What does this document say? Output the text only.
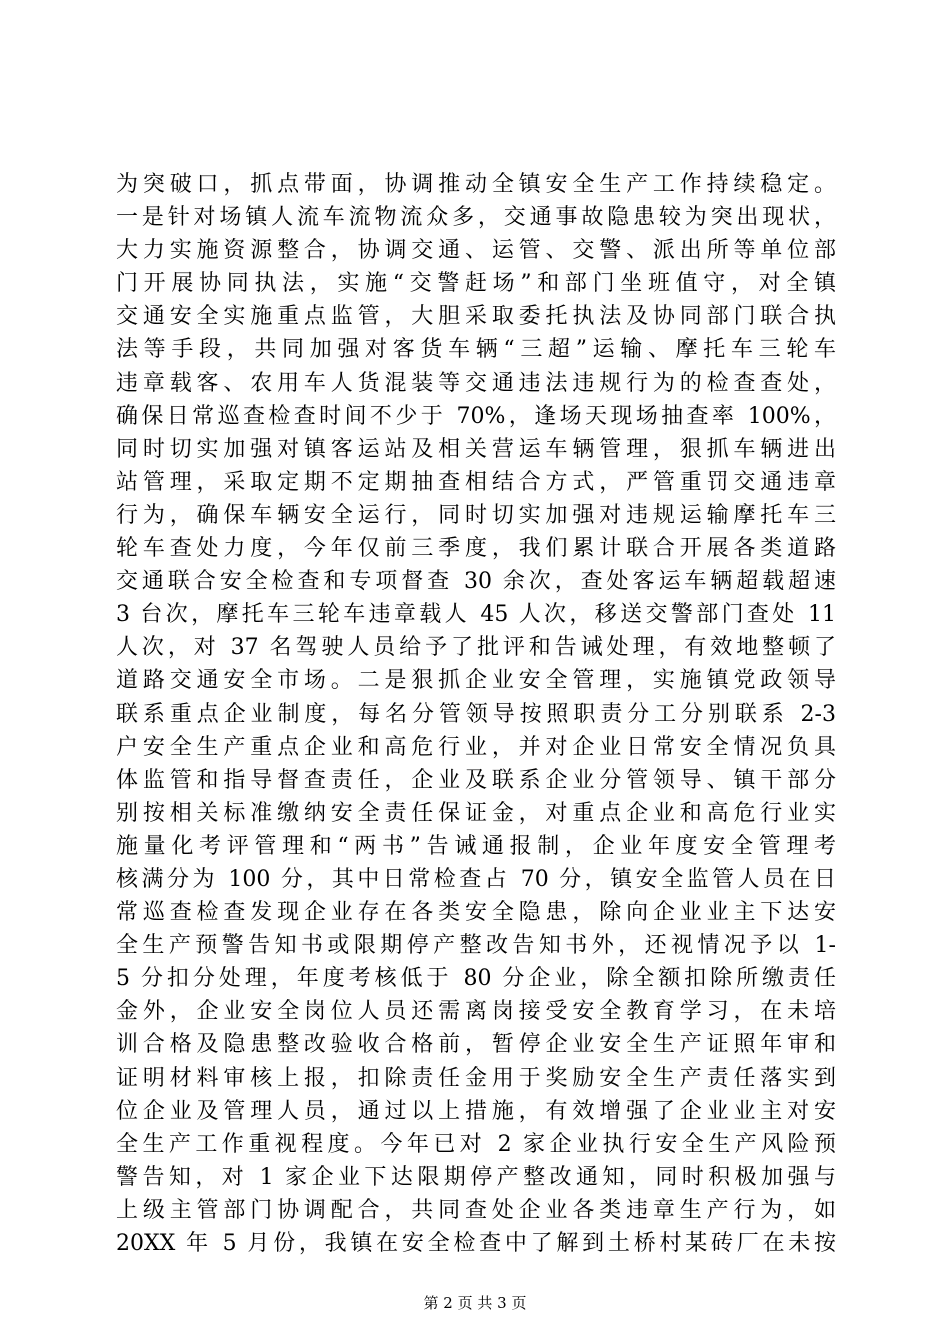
为突破口，抓点带面，协调推动全镇安全生产工作持续稳定。
一是针对场镇人流车流物流众多，交通事故隐患较为突出现状，
大力实施资源整合，协调交通、运管、交警、派出所等单位部
门开展协同执法，实施“交警赶场”和部门坐班值守，对全镇
交通安全实施重点监管，大胆采取委托执法及协同部门联合执
法等手段，共同加强对客货车辆“三超”运输、摩托车三轮车
违章载客、农用车人货混装等交通违法违规行为的检查查处，
确保日常巡查检查时间不少于 70%，逢场天现场抽查率 100%，
同时切实加强对镇客运站及相关营运车辆管理，狠抓车辆进出
站管理，采取定期不定期抽查相结合方式，严管重罚交通违章
行为，确保车辆安全运行，同时切实加强对违规运输摩托车三
轮车查处力度，今年仅前三季度，我们累计联合开展各类道路
交通联合安全检查和专项督查 30 余次，查处客运车辆超载超速
3 台次，摩托车三轮车违章载人 45 人次，移送交警部门查处 11
人次，对 37 名驾驶人员给予了批评和告诫处理，有效地整顿了
道路交通安全市场。二是狠抓企业安全管理，实施镇党政领导
联系重点企业制度，每名分管领导按照职责分工分别联系 2-3
户安全生产重点企业和高危行业，并对企业日常安全情况负具
体监管和指导督查责任，企业及联系企业分管领导、镇干部分
别按相关标准缴纳安全责任保证金，对重点企业和高危行业实
施量化考评管理和“两书”告诫通报制，企业年度安全管理考
核满分为 100 分，其中日常检查占 70 分，镇安全监管人员在日
常巡查检查发现企业存在各类安全隐患，除向企业业主下达安
全生产预警告知书或限期停产整改告知书外，还视情况予以 1-
5 分扣分处理，年度考核低于 80 分企业，除全额扣除所缴责任
金外，企业安全岗位人员还需离岗接受安全教育学习，在未培
训合格及隐患整改验收合格前，暂停企业安全生产证照年审和
证明材料审核上报，扣除责任金用于奖励安全生产责任落实到
位企业及管理人员，通过以上措施，有效增强了企业业主对安
全生产工作重视程度。今年已对 2 家企业执行安全生产风险预
警告知，对 1 家企业下达限期停产整改通知，同时积极加强与
上级主管部门协调配合，共同查处企业各类违章生产行为，如
20XX 年 5 月份，我镇在安全检查中了解到土桥村某砖厂在未按
第 2 页 共 3 页
